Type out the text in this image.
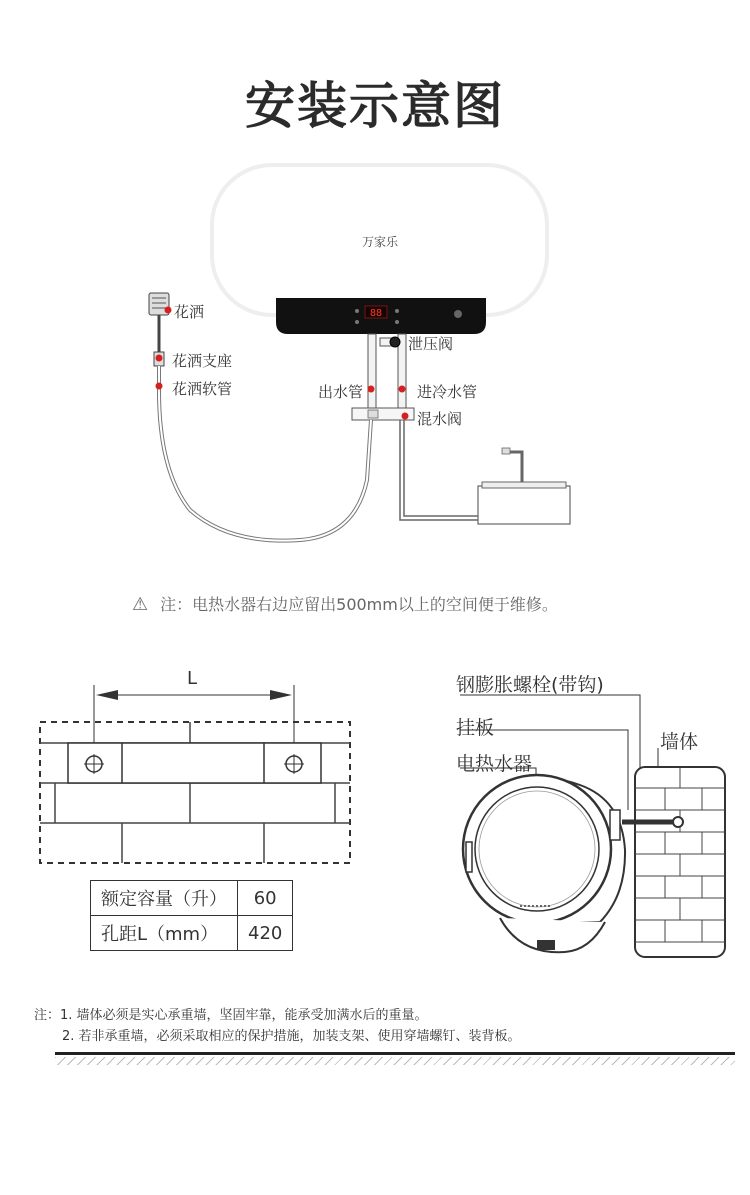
安装示意图
88
万家乐
花洒
花洒支座
花洒软管
泄压阀
出水管	进冷水管
混水阀
⚠ 注：电热水器右边应留出500mm以上的空间便于维修。
L
额定容量（升）	60
孔距L（mm）	420
钢膨胀螺栓(带钩)
挂板
电热水器
墙体
注：1. 墙体必须是实心承重墙，坚固牢靠，能承受加满水后的重量。
2. 若非承重墙，必须采取相应的保护措施，加装支架、使用穿墙螺钉、装背板。
